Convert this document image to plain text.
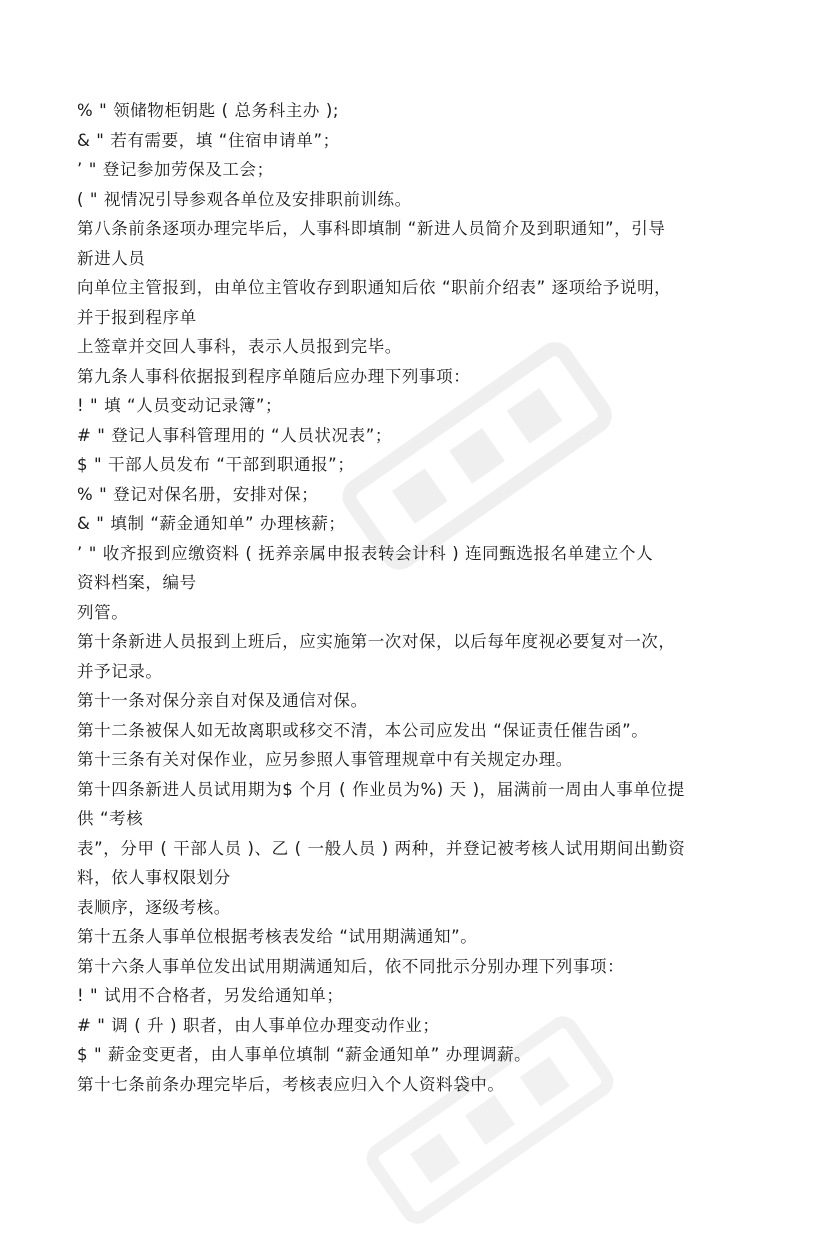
% " 领储物柜钥匙 ( 总务科主办 );

& " 若有需要，填 “住宿申请单”；

’ " 登记参加劳保及工会；

( " 视情况引导参观各单位及安排职前训练。

第八条前条逐项办理完毕后，人事科即填制 “新进人员简介及到职通知”，引导

新进人员

向单位主管报到，由单位主管收存到职通知后依 “职前介绍表” 逐项给予说明，

并于报到程序单

上签章并交回人事科，表示人员报到完毕。

第九条人事科依据报到程序单随后应办理下列事项：

! " 填 “人员变动记录簿”；

# " 登记人事科管理用的 “人员状况表”；

$ " 干部人员发布 “干部到职通报”；

% " 登记对保名册，安排对保；

& " 填制 “薪金通知单” 办理核薪；

’ " 收齐报到应缴资料 ( 抚养亲属申报表转会计科 ) 连同甄选报名单建立个人

资料档案，编号

列管。

第十条新进人员报到上班后，应实施第一次对保，以后每年度视必要复对一次，

并予记录。

第十一条对保分亲自对保及通信对保。

第十二条被保人如无故离职或移交不清，本公司应发出 “保证责任催告函”。

第十三条有关对保作业，应另参照人事管理规章中有关规定办理。

第十四条新进人员试用期为$ 个月 ( 作业员为%) 天 )，届满前一周由人事单位提

供 “考核

表”，分甲 ( 干部人员 )、乙 ( 一般人员 ) 两种，并登记被考核人试用期间出勤资

料，依人事权限划分

表顺序，逐级考核。

第十五条人事单位根据考核表发给 “试用期满通知”。

第十六条人事单位发出试用期满通知后，依不同批示分别办理下列事项：

! " 试用不合格者，另发给通知单；

# " 调 ( 升 ) 职者，由人事单位办理变动作业；

$ " 薪金变更者，由人事单位填制 “薪金通知单” 办理调薪。

第十七条前条办理完毕后，考核表应归入个人资料袋中。
